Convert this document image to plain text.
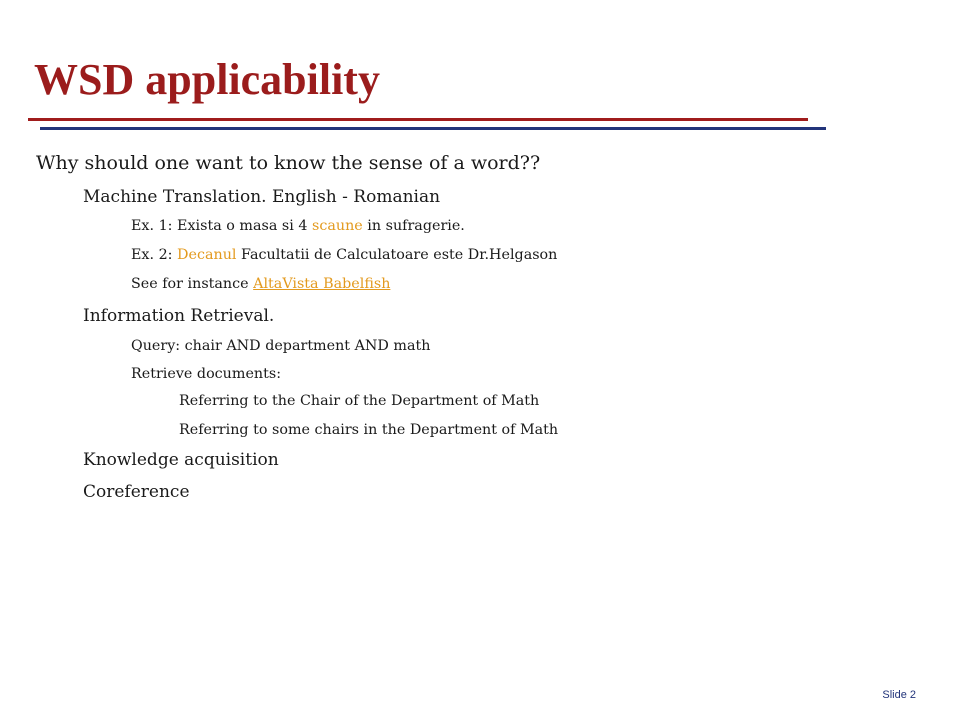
WSD applicability
Why should one want to know the sense of a word??
Machine Translation. English - Romanian
Ex. 1: Exista o masa si 4 scaune in sufragerie.
Ex. 2: Decanul Facultatii de Calculatoare este Dr.Helgason
See for instance AltaVista Babelfish
Information Retrieval.
Query: chair AND department AND math
Retrieve documents:
Referring to the Chair of the Department of Math
Referring to some chairs in the Department of Math
Knowledge acquisition
Coreference
Slide 2
